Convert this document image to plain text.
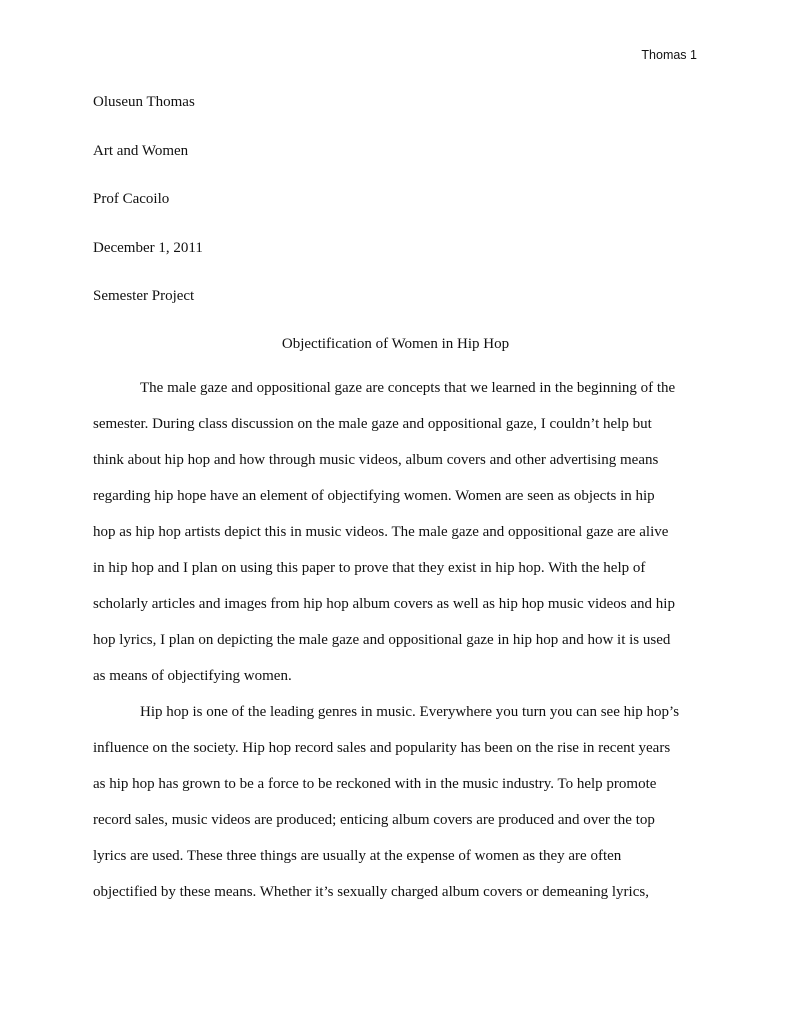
Thomas 1
Oluseun Thomas
Art and Women
Prof Cacoilo
December 1, 2011
Semester Project
Objectification of Women in Hip Hop
The male gaze and oppositional gaze are concepts that we learned in the beginning of the
semester. During class discussion on the male gaze and oppositional gaze, I couldn’t help but
think about hip hop and how through music videos, album covers and other advertising means
regarding hip hope have an element of objectifying women. Women are seen as objects in hip
hop as hip hop artists depict this in music videos. The male gaze and oppositional gaze are alive
in hip hop and I plan on using this paper to prove that they exist in hip hop. With the help of
scholarly articles and images from hip hop album covers as well as hip hop music videos and hip
hop lyrics, I plan on depicting the male gaze and oppositional gaze in hip hop and how it is used
as means of objectifying women.
Hip hop is one of the leading genres in music. Everywhere you turn you can see hip hop’s
influence on the society. Hip hop record sales and popularity has been on the rise in recent years
as hip hop has grown to be a force to be reckoned with in the music industry. To help promote
record sales, music videos are produced; enticing album covers are produced and over the top
lyrics are used. These three things are usually at the expense of women as they are often
objectified by these means. Whether it’s sexually charged album covers or demeaning lyrics,
